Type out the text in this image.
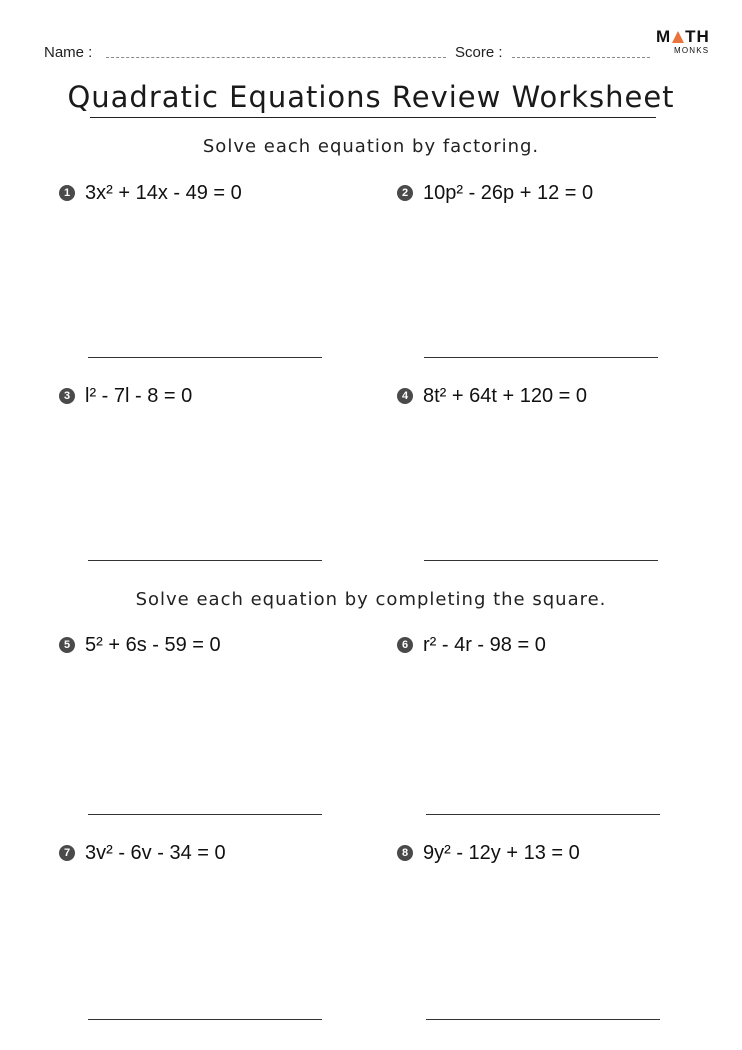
Name :	Score :
M TH
MONKS
Quadratic Equations Review Worksheet
Solve each equation by factoring.
1 3x² + 14x - 49 = 0	2 10p² - 26p + 12 = 0
3 l² - 7l - 8 = 0	4 8t² + 64t + 120 = 0
Solve each equation by completing the square.
5 5² + 6s - 59 = 0	6 r² - 4r - 98 = 0
7 3v² - 6v - 34 = 0	8 9y² - 12y + 13 = 0
